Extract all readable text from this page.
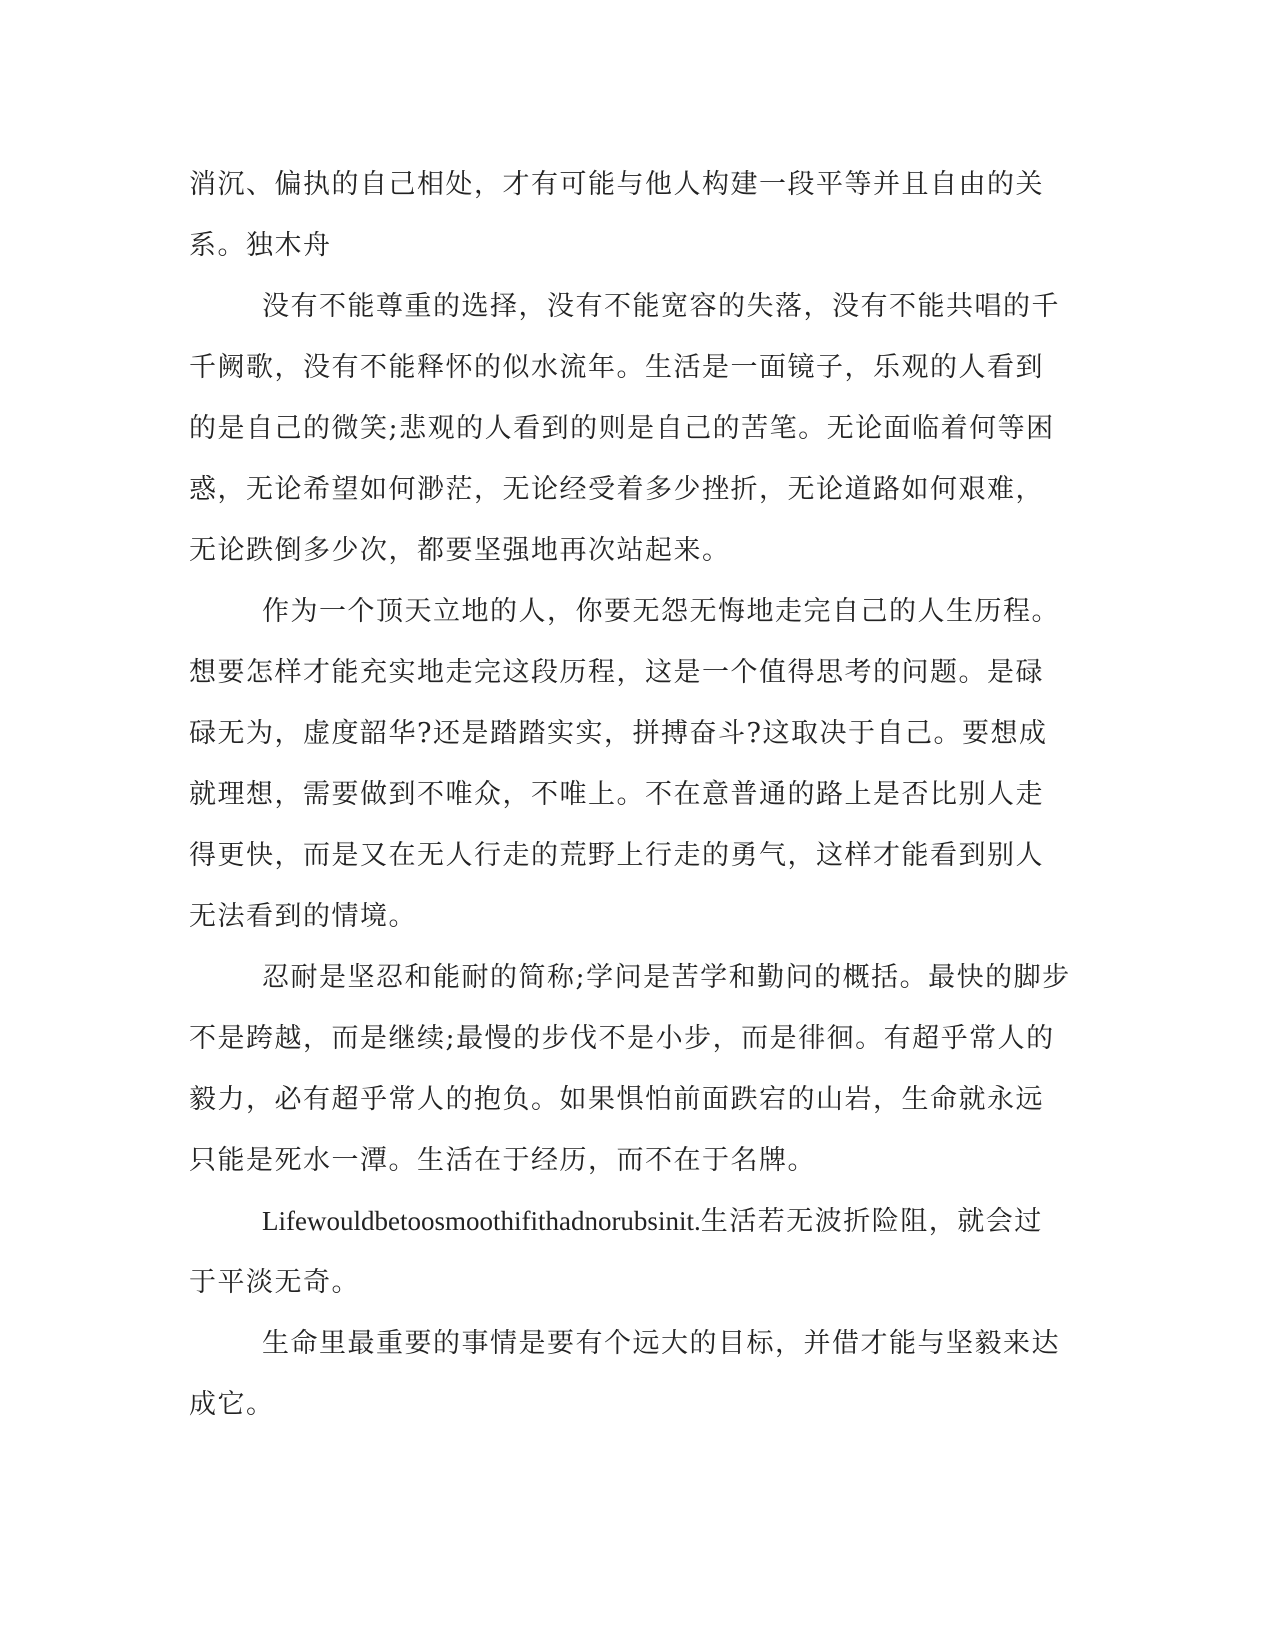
消沉、偏执的自己相处，才有可能与他人构建一段平等并且自由的关
系。独木舟

没有不能尊重的选择，没有不能宽容的失落，没有不能共唱的千
千阙歌，没有不能释怀的似水流年。生活是一面镜子，乐观的人看到
的是自己的微笑;悲观的人看到的则是自己的苦笔。无论面临着何等困
惑，无论希望如何渺茫，无论经受着多少挫折，无论道路如何艰难，
无论跌倒多少次，都要坚强地再次站起来。

作为一个顶天立地的人，你要无怨无悔地走完自己的人生历程。
想要怎样才能充实地走完这段历程，这是一个值得思考的问题。是碌
碌无为，虚度韶华?还是踏踏实实，拼搏奋斗?这取决于自己。要想成
就理想，需要做到不唯众，不唯上。不在意普通的路上是否比别人走
得更快，而是又在无人行走的荒野上行走的勇气，这样才能看到别人
无法看到的情境。

忍耐是坚忍和能耐的简称;学问是苦学和勤问的概括。最快的脚步
不是跨越，而是继续;最慢的步伐不是小步，而是徘徊。有超乎常人的
毅力，必有超乎常人的抱负。如果惧怕前面跌宕的山岩，生命就永远
只能是死水一潭。生活在于经历，而不在于名牌。

Lifewouldbetoosmoothifithadnorubsinit.生活若无波折险阻，就会过
于平淡无奇。

生命里最重要的事情是要有个远大的目标，并借才能与坚毅来达
成它。
